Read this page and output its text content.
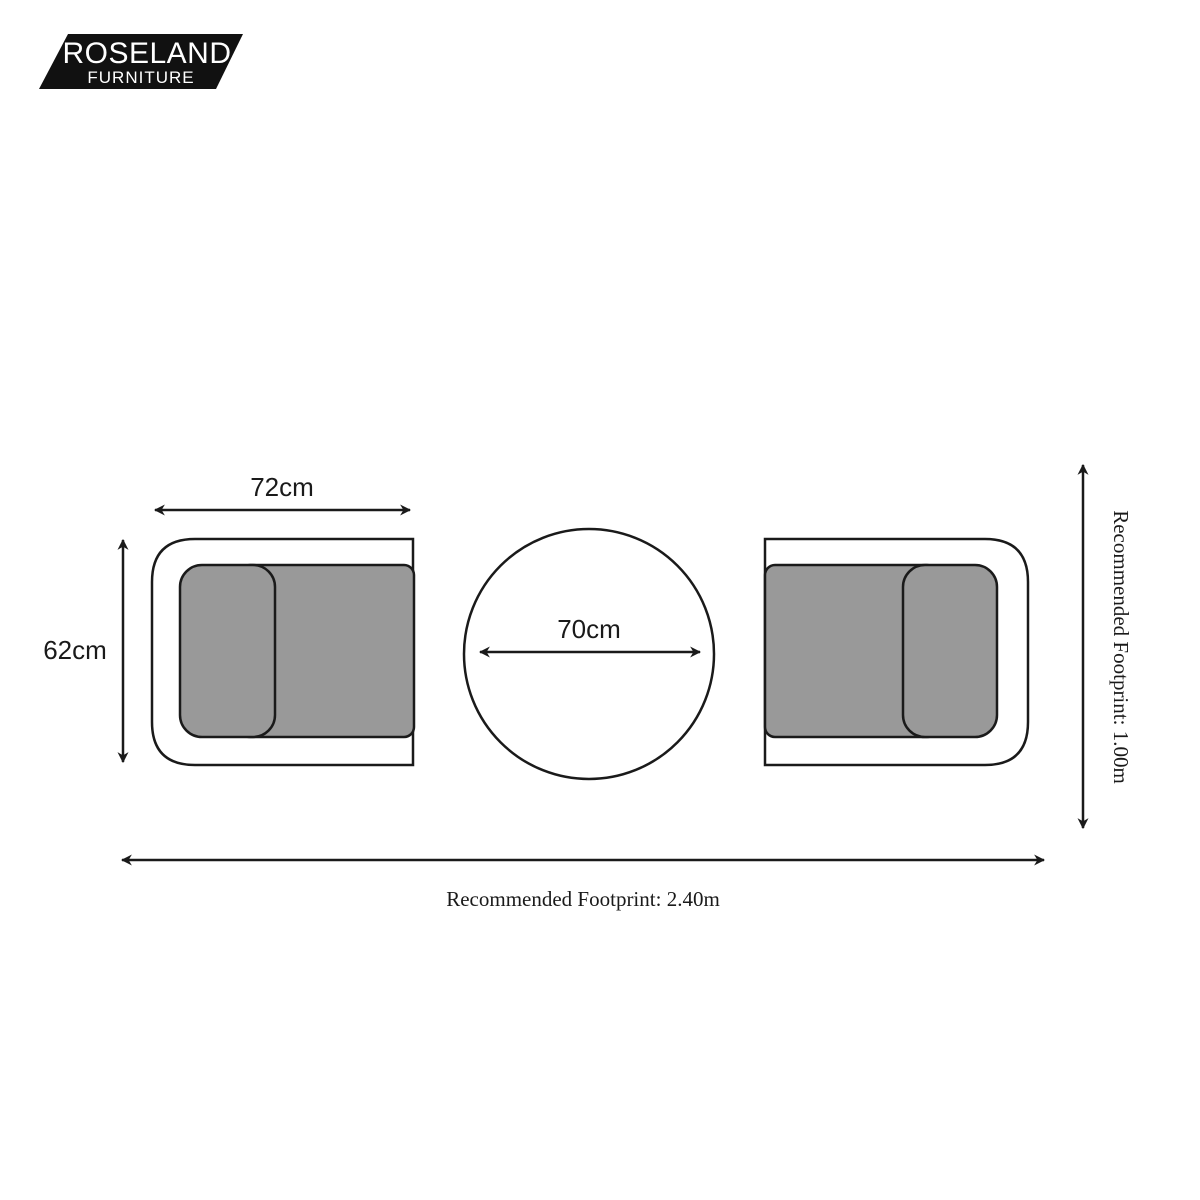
ROSELAND
FURNITURE
72cm
62cm
70cm
Recommended Footprint: 2.40m
Recommended Footprint: 1.00m
